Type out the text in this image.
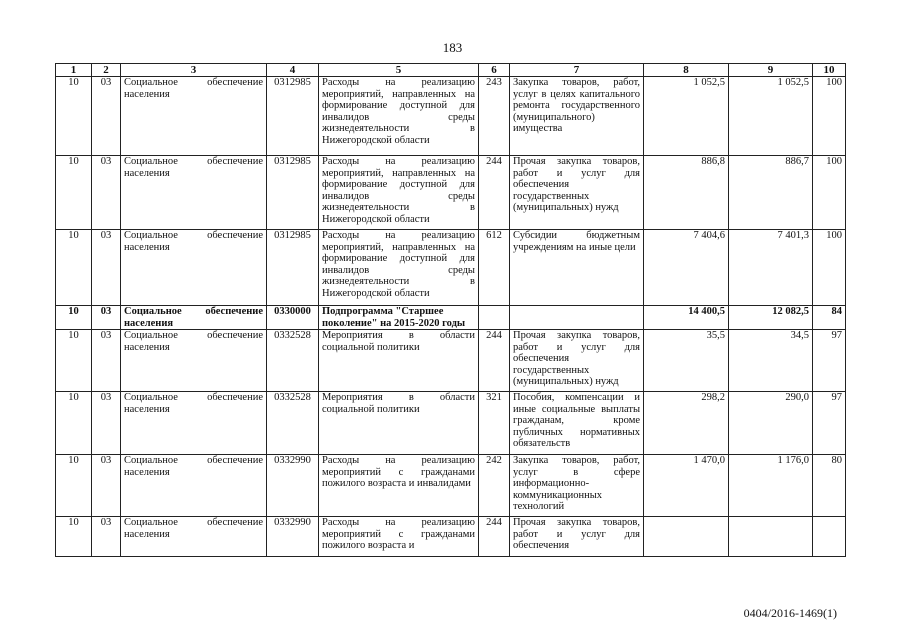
183
1	2	3	4	5	6	7	8	9	10
10	03	Социальное обеспечение населения	0312985	Расходы на реализацию мероприятий, направленных на формирование доступной для инвалидов среды жизнедеятельности в Нижегородской области	243	Закупка товаров, работ, услуг в целях капитального ремонта государственного (муниципального) имущества	1 052,5	1 052,5	100
10	03	Социальное обеспечение населения	0312985	Расходы на реализацию мероприятий, направленных на формирование доступной для инвалидов среды жизнедеятельности в Нижегородской области	244	Прочая закупка товаров, работ и услуг для обеспечения государственных (муниципальных) нужд	886,8	886,7	100
10	03	Социальное обеспечение населения	0312985	Расходы на реализацию мероприятий, направленных на формирование доступной для инвалидов среды жизнедеятельности в Нижегородской области	612	Субсидии бюджетным учреждениям на иные цели	7 404,6	7 401,3	100
10	03	Социальное обеспечение населения	0330000	Подпрограмма "Старшее поколение" на 2015-2020 годы			14 400,5	12 082,5	84
10	03	Социальное обеспечение населения	0332528	Мероприятия в области социальной политики	244	Прочая закупка товаров, работ и услуг для обеспечения государственных (муниципальных) нужд	35,5	34,5	97
10	03	Социальное обеспечение населения	0332528	Мероприятия в области социальной политики	321	Пособия, компенсации и иные социальные выплаты гражданам, кроме публичных нормативных обязательств	298,2	290,0	97
10	03	Социальное обеспечение населения	0332990	Расходы на реализацию мероприятий с гражданами пожилого возраста и инвалидами	242	Закупка товаров, работ, услуг в сфере информационно-коммуникационных технологий	1 470,0	1 176,0	80
10	03	Социальное обеспечение населения	0332990	Расходы на реализацию мероприятий с гражданами пожилого возраста и	244	Прочая закупка товаров, работ и услуг для обеспечения			
0404/2016-1469(1)
